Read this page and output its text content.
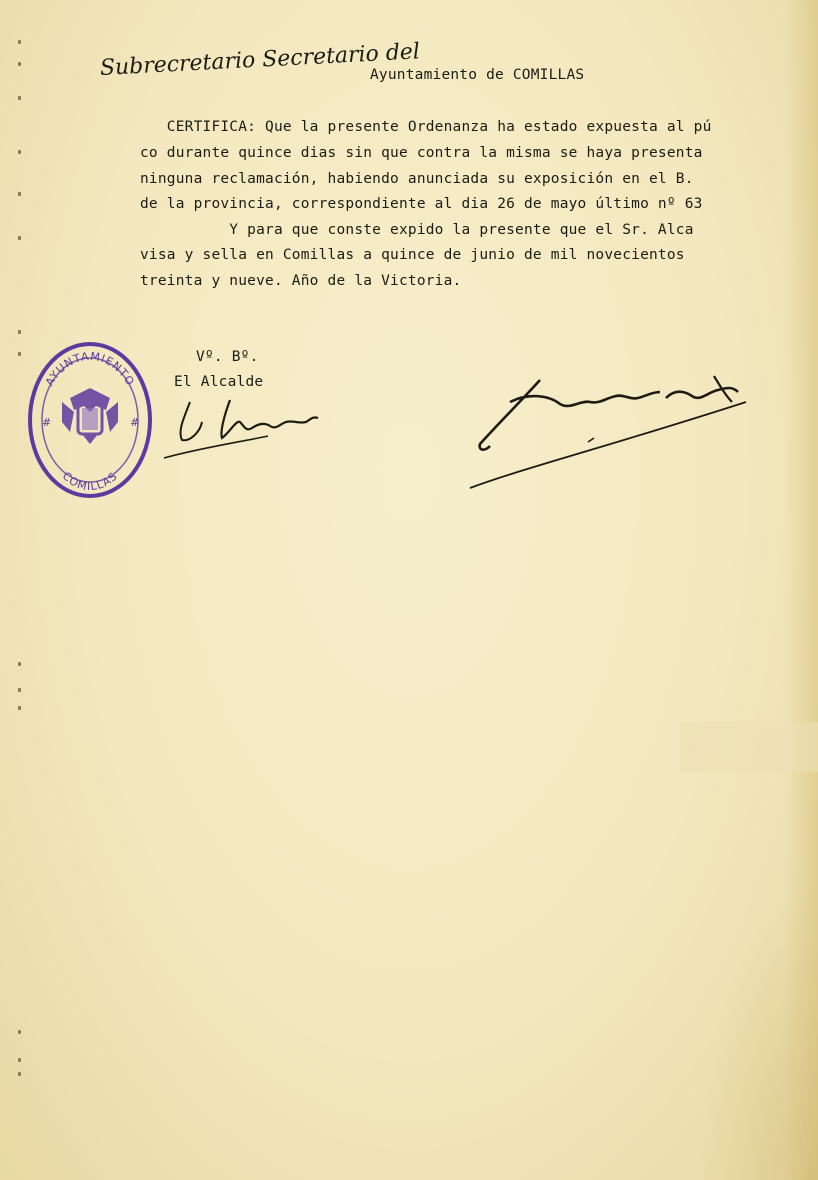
Subrecretario Secretario del
Ayuntamiento de COMILLAS
CERTIFICA: Que la presente Ordenanza ha estado expuesta al pú
co durante quince dias sin que contra la misma se haya presenta
ninguna reclamación, habiendo anunciada su exposición en el B.
de la provincia, correspondiente al dia 26 de mayo último nº 63
Y para que conste expido la presente que el Sr. Alca
visa y sella en Comillas a quince de junio de mil novecientos
treinta y nueve. Año de la Victoria.
Vº. Bº.
El Alcalde
AYUNTAMIENTO
COMILLAS
#	#
